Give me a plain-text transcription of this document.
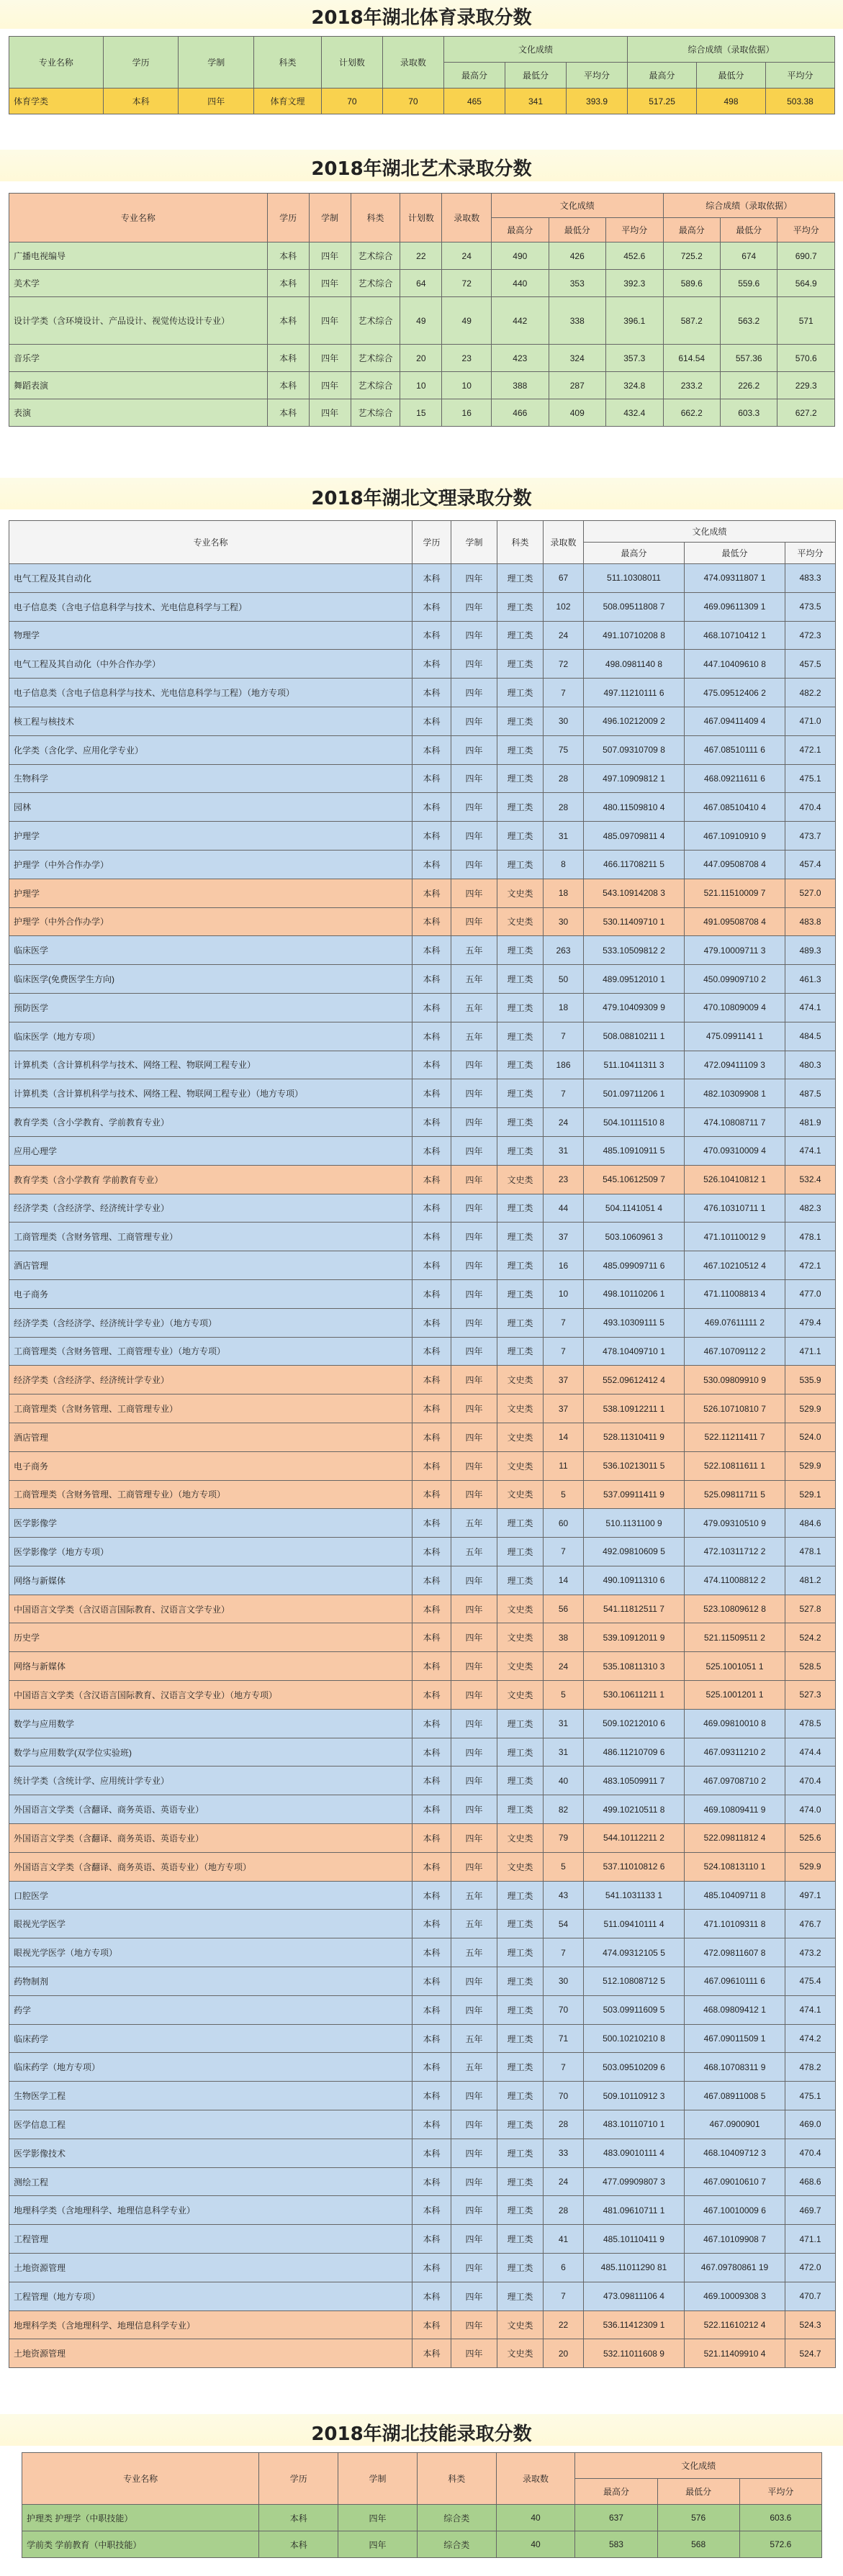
2018年湖北体育录取分数
专业名称	学历	学制	科类	计划数	录取数	文化成绩			综合成绩（录取依据）		
						最高分	最低分	平均分	最高分	最低分	平均分
体育学类	本科	四年	体育文理	70	70	465	341	393.9	517.25	498	503.38
2018年湖北艺术录取分数
专业名称	学历	学制	科类	计划数	录取数	文化成绩			综合成绩（录取依据）		
						最高分	最低分	平均分	最高分	最低分	平均分
广播电视编导	本科	四年	艺术综合	22	24	490	426	452.6	725.2	674	690.7
美术学	本科	四年	艺术综合	64	72	440	353	392.3	589.6	559.6	564.9
设计学类（含环境设计、产品设计、视觉传达设计专业）	本科	四年	艺术综合	49	49	442	338	396.1	587.2	563.2	571
音乐学	本科	四年	艺术综合	20	23	423	324	357.3	614.54	557.36	570.6
舞蹈表演	本科	四年	艺术综合	10	10	388	287	324.8	233.2	226.2	229.3
表演	本科	四年	艺术综合	15	16	466	409	432.4	662.2	603.3	627.2
2018年湖北文理录取分数
专业名称	学历	学制	科类	录取数	文化成绩		
					最高分	最低分	平均分
电气工程及其自动化	本科	四年	理工类	67	511.10308011	474.09311807 1	483.3
电子信息类（含电子信息科学与技术、光电信息科学与工程）	本科	四年	理工类	102	508.09511808 7	469.09611309 1	473.5
物理学	本科	四年	理工类	24	491.10710208 8	468.10710412 1	472.3
电气工程及其自动化（中外合作办学）	本科	四年	理工类	72	498.0981140 8	447.10409610 8	457.5
电子信息类（含电子信息科学与技术、光电信息科学与工程）（地方专项）	本科	四年	理工类	7	497.11210111 6	475.09512406 2	482.2
核工程与核技术	本科	四年	理工类	30	496.10212009 2	467.09411409 4	471.0
化学类（含化学、应用化学专业）	本科	四年	理工类	75	507.09310709 8	467.08510111 6	472.1
生物科学	本科	四年	理工类	28	497.10909812 1	468.09211611 6	475.1
园林	本科	四年	理工类	28	480.11509810 4	467.08510410 4	470.4
护理学	本科	四年	理工类	31	485.09709811 4	467.10910910 9	473.7
护理学（中外合作办学）	本科	四年	理工类	8	466.11708211 5	447.09508708 4	457.4
护理学	本科	四年	文史类	18	543.10914208 3	521.11510009 7	527.0
护理学（中外合作办学）	本科	四年	文史类	30	530.11409710 1	491.09508708 4	483.8
临床医学	本科	五年	理工类	263	533.10509812 2	479.10009711 3	489.3
临床医学(免费医学生方向)	本科	五年	理工类	50	489.09512010 1	450.09909710 2	461.3
预防医学	本科	五年	理工类	18	479.10409309 9	470.10809009 4	474.1
临床医学（地方专项）	本科	五年	理工类	7	508.08810211 1	475.0991141 1	484.5
计算机类（含计算机科学与技术、网络工程、物联网工程专业）	本科	四年	理工类	186	511.10411311 3	472.09411109 3	480.3
计算机类（含计算机科学与技术、网络工程、物联网工程专业）（地方专项）	本科	四年	理工类	7	501.09711206 1	482.10309908 1	487.5
教育学类（含小学教育、学前教育专业）	本科	四年	理工类	24	504.10111510 8	474.10808711 7	481.9
应用心理学	本科	四年	理工类	31	485.10910911 5	470.09310009 4	474.1
教育学类（含小学教育 学前教育专业）	本科	四年	文史类	23	545.10612509 7	526.10410812 1	532.4
经济学类（含经济学、经济统计学专业）	本科	四年	理工类	44	504.1141051 4	476.10310711 1	482.3
工商管理类（含财务管理、工商管理专业）	本科	四年	理工类	37	503.1060961 3	471.10110012 9	478.1
酒店管理	本科	四年	理工类	16	485.09909711 6	467.10210512 4	472.1
电子商务	本科	四年	理工类	10	498.10110206 1	471.11008813 4	477.0
经济学类（含经济学、经济统计学专业）（地方专项）	本科	四年	理工类	7	493.10309111 5	469.07611111 2	479.4
工商管理类（含财务管理、工商管理专业）（地方专项）	本科	四年	理工类	7	478.10409710 1	467.10709112 2	471.1
经济学类（含经济学、经济统计学专业）	本科	四年	文史类	37	552.09612412 4	530.09809910 9	535.9
工商管理类（含财务管理、工商管理专业）	本科	四年	文史类	37	538.10912211 1	526.10710810 7	529.9
酒店管理	本科	四年	文史类	14	528.11310411 9	522.11211411 7	524.0
电子商务	本科	四年	文史类	11	536.10213011 5	522.10811611 1	529.9
工商管理类（含财务管理、工商管理专业）（地方专项）	本科	四年	文史类	5	537.09911411 9	525.09811711 5	529.1
医学影像学	本科	五年	理工类	60	510.1131100 9	479.09310510 9	484.6
医学影像学（地方专项）	本科	五年	理工类	7	492.09810609 5	472.10311712 2	478.1
网络与新媒体	本科	四年	理工类	14	490.10911310 6	474.11008812 2	481.2
中国语言文学类（含汉语言国际教育、汉语言文学专业）	本科	四年	文史类	56	541.11812511 7	523.10809612 8	527.8
历史学	本科	四年	文史类	38	539.10912011 9	521.11509511 2	524.2
网络与新媒体	本科	四年	文史类	24	535.10811310 3	525.1001051 1	528.5
中国语言文学类（含汉语言国际教育、汉语言文学专业）（地方专项）	本科	四年	文史类	5	530.10611211 1	525.1001201 1	527.3
数学与应用数学	本科	四年	理工类	31	509.10212010 6	469.09810010 8	478.5
数学与应用数学(双学位实验班)	本科	四年	理工类	31	486.11210709 6	467.09311210 2	474.4
统计学类（含统计学、应用统计学专业）	本科	四年	理工类	40	483.10509911 7	467.09708710 2	470.4
外国语言文学类（含翻译、商务英语、英语专业）	本科	四年	理工类	82	499.10210511 8	469.10809411 9	474.0
外国语言文学类（含翻译、商务英语、英语专业）	本科	四年	文史类	79	544.10112211 2	522.09811812 4	525.6
外国语言文学类（含翻译、商务英语、英语专业）（地方专项）	本科	四年	文史类	5	537.11010812 6	524.10813110 1	529.9
口腔医学	本科	五年	理工类	43	541.1031133 1	485.10409711 8	497.1
眼视光学医学	本科	五年	理工类	54	511.09410111 4	471.10109311 8	476.7
眼视光学医学（地方专项）	本科	五年	理工类	7	474.09312105 5	472.09811607 8	473.2
药物制剂	本科	四年	理工类	30	512.10808712 5	467.09610111 6	475.4
药学	本科	四年	理工类	70	503.09911609 5	468.09809412 1	474.1
临床药学	本科	五年	理工类	71	500.10210210 8	467.09011509 1	474.2
临床药学（地方专项）	本科	五年	理工类	7	503.09510209 6	468.10708311 9	478.2
生物医学工程	本科	四年	理工类	70	509.10110912 3	467.08911008 5	475.1
医学信息工程	本科	四年	理工类	28	483.10110710 1	467.0900901	469.0
医学影像技术	本科	四年	理工类	33	483.09010111 4	468.10409712 3	470.4
测绘工程	本科	四年	理工类	24	477.09909807 3	467.09010610 7	468.6
地理科学类（含地理科学、地理信息科学专业）	本科	四年	理工类	28	481.09610711 1	467.10010009 6	469.7
工程管理	本科	四年	理工类	41	485.10110411 9	467.10109908 7	471.1
土地资源管理	本科	四年	理工类	6	485.11011290 81	467.09780861 19	472.0
工程管理（地方专项）	本科	四年	理工类	7	473.09811106 4	469.10009308 3	470.7
地理科学类（含地理科学、地理信息科学专业）	本科	四年	文史类	22	536.11412309 1	522.11610212 4	524.3
土地资源管理	本科	四年	文史类	20	532.11011608 9	521.11409910 4	524.7
2018年湖北技能录取分数
专业名称	学历	学制	科类	录取数	文化成绩		
					最高分	最低分	平均分
护理类 护理学（中职技能）	本科	四年	综合类	40	637	576	603.6
学前类 学前教育（中职技能）	本科	四年	综合类	40	583	568	572.6
